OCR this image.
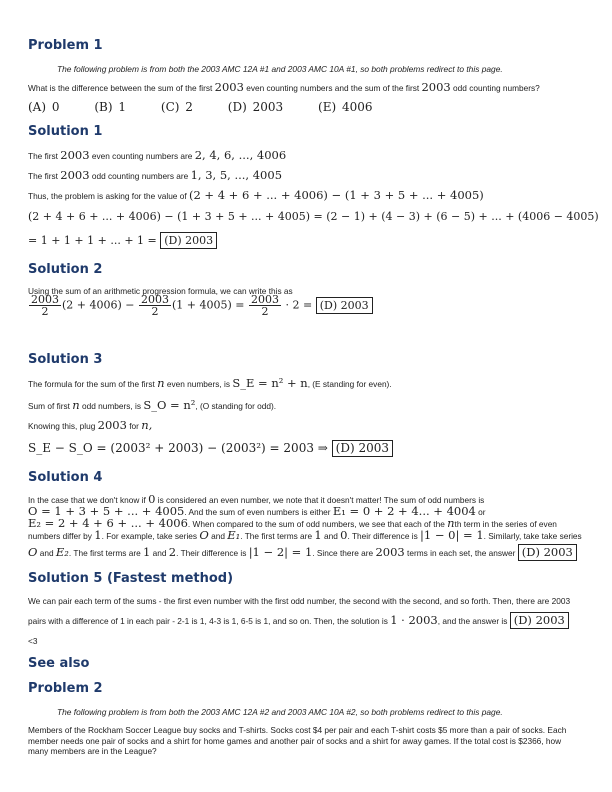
Problem 1
The following problem is from both the 2003 AMC 12A #1 and 2003 AMC 10A #1, so both problems redirect to this page.
What is the difference between the sum of the first 2003 even counting numbers and the sum of the first 2003 odd counting numbers?
(A) 0	(B) 1	(C) 2	(D) 2003	(E) 4006
Solution 1
The first 2003 even counting numbers are 2, 4, 6, ..., 4006
The first 2003 odd counting numbers are 1, 3, 5, ..., 4005
Thus, the problem is asking for the value of (2 + 4 + 6 + ... + 4006) − (1 + 3 + 5 + ... + 4005)
(2 + 4 + 6 + ... + 4006) − (1 + 3 + 5 + ... + 4005) = (2 − 1) + (4 − 3) + (6 − 5) + ... + (4006 − 4005)
= 1 + 1 + 1 + ... + 1 = (D) 2003
Solution 2
Using the sum of an arithmetic progression formula, we can write this as
$\frac{2003}{2} (2 + 4006) - \frac{2003}{2} (1 + 4005) = \frac{2003}{2} \cdot 2 = (D)$ 2003
Solution 3
The formula for the sum of the first n even numbers, is S_E = n² + n, (E standing for even).
Sum of first n odd numbers, is S_O = n², (O standing for odd).
Knowing this, plug 2003 for n,
S_E − S_O = (2003² + 2003) − (2003²) = 2003 ⇒ (D) 2003
Solution 4
In the case that we don't know if 0 is considered an even number, we note that it doesn't matter! The sum of odd numbers is
O = 1 + 3 + 5 + ... + 4005. And the sum of even numbers is either E₁ = 0 + 2 + 4... + 4004 or
E₂ = 2 + 4 + 6 + ... + 4006. When compared to the sum of odd numbers, we see that each of the nth term in the series of even
numbers differ by 1. For example, take series O and E₁. The first terms are 1 and 0. Their difference is |1 − 0| = 1. Similarly, take take series
O and E₂. The first terms are 1 and 2. Their difference is |1 − 2| = 1. Since there are 2003 terms in each set, the answer (D) 2003
Solution 5 (Fastest method)
We can pair each term of the sums - the first even number with the first odd number, the second with the second, and so forth. Then, there are 2003
pairs with a difference of 1 in each pair - 2-1 is 1, 4-3 is 1, 6-5 is 1, and so on. Then, the solution is 1 · 2003, and the answer is (D) 2003
<3
See also
Problem 2
The following problem is from both the 2003 AMC 12A #2 and 2003 AMC 10A #2, so both problems redirect to this page.
Members of the Rockham Soccer League buy socks and T-shirts. Socks cost $4 per pair and each T-shirt costs $5 more than a pair of socks. Each member needs one pair of socks and a shirt for home games and another pair of socks and a shirt for away games. If the total cost is $2366, how many members are in the League?
